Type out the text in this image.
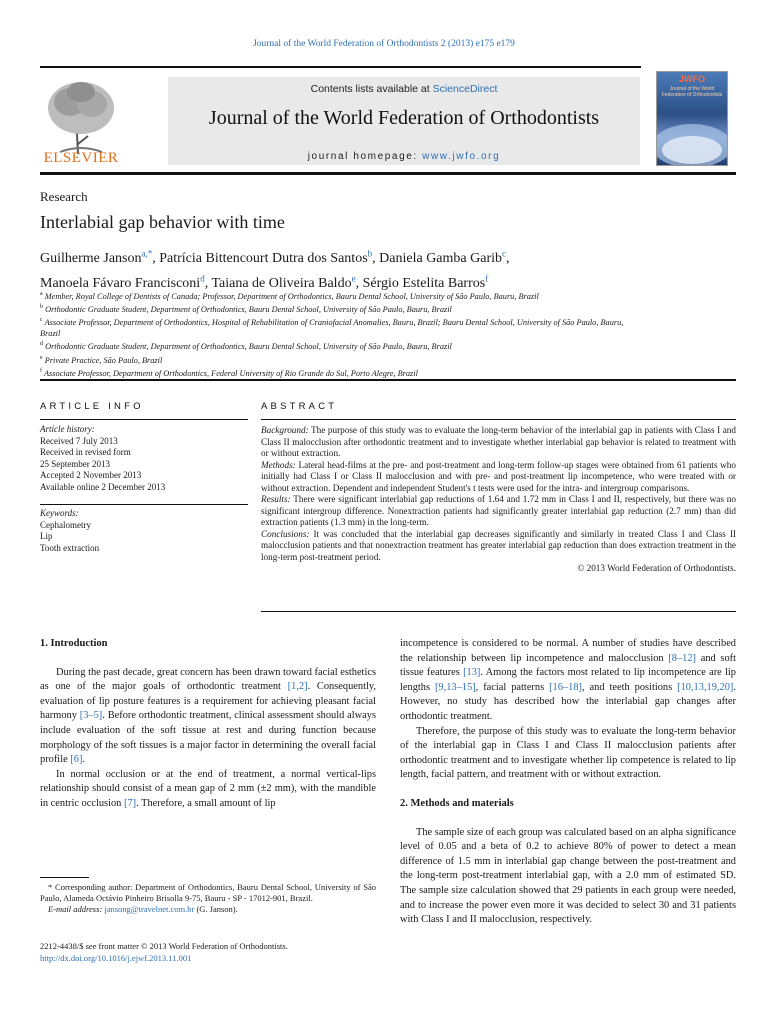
Journal of the World Federation of Orthodontists 2 (2013) e175 e179
ELSEVIER
Contents lists available at ScienceDirect
Journal of the World Federation of Orthodontists
journal homepage: www.jwfo.org
JWFO
Journal of the World Federation of Orthodontists
Research
Interlabial gap behavior with time
Guilherme Janson$^{a,*}$, Patrícia Bittencourt Dutra dos Santos$^b$, Daniela Gamba Garib$^c$,
Manoela Fávaro Francisconi$^d$, Taiana de Oliveira Baldo$^e$, Sérgio Estelita Barros$^f$
$^a$ Member, Royal College of Dentists of Canada; Professor, Department of Orthodontics, Bauru Dental School, University of São Paulo, Bauru, Brazil
$^b$ Orthodontic Graduate Student, Department of Orthodontics, Bauru Dental School, University of São Paulo, Bauru, Brazil
$^c$ Associate Professor, Department of Orthodontics, Hospital of Rehabilitation of Craniofacial Anomalies, Bauru, Brazil; Bauru Dental School, University of São Paulo, Bauru, Brazil
$^d$ Orthodontic Graduate Student, Department of Orthodontics, Bauru Dental School, University of São Paulo, Bauru, Brazil
$^e$ Private Practice, São Paulo, Brazil
$^f$ Associate Professor, Department of Orthodontics, Federal University of Rio Grande do Sul, Porto Alegre, Brazil
ARTICLE INFO	ABSTRACT
Article history:
Received 7 July 2013
Received in revised form
25 September 2013
Accepted 2 November 2013
Available online 2 December 2013
Keywords:
Cephalometry
Lip
Tooth extraction

Background: The purpose of this study was to evaluate the long-term behavior of the interlabial gap in patients with Class I and Class II malocclusion after orthodontic treatment and to investigate whether interlabial gap behavior is related to treatment with or without extraction.

Methods: Lateral head-films at the pre- and post-treatment and long-term follow-up stages were obtained from 61 patients who initially had Class I or Class II malocclusion and with pre- and post-treatment lip incompetence, who were treated with or without extraction. Dependent and independent Student's t tests were used for the intra- and intergroup comparisons.

Results: There were significant interlabial gap reductions of 1.64 and 1.72 mm in Class I and II, respectively, but there was no significant intergroup difference. Nonextraction patients had significantly greater interlabial gap reduction (2.7 mm) than did extraction patients (1.3 mm) in the long-term.

Conclusions: It was concluded that the interlabial gap decreases significantly and similarly in treated Class I and Class II malocclusion patients and that nonextraction treatment has greater interlabial gap reduction than does extraction treatment in the long-term post-treatment period.

© 2013 World Federation of Orthodontists.

1. Introduction

During the past decade, great concern has been drawn toward facial esthetics as one of the major goals of orthodontic treatment [1,2]. Consequently, evaluation of lip posture features is a requirement for achieving pleasant facial harmony [3–5]. Before orthodontic treatment, clinical assessment should always include evaluation of the soft tissue at rest and during function because morphology of the soft tissues is a major factor in determining the overall facial profile [6].

In normal occlusion or at the end of treatment, a normal vertical-lips relationship should consist of a mean gap of 2 mm (±2 mm), with the mandible in centric occlusion [7]. Therefore, a small amount of lip

* Corresponding author: Department of Orthodontics, Bauru Dental School, University of São Paulo, Alameda Octávio Pinheiro Brisolla 9-75, Bauru - SP - 17012-901, Brazil.

E-mail address: jansong@travelnet.com.br (G. Janson).

2212-4438/$ see front matter © 2013 World Federation of Orthodontists.
http://dx.doi.org/10.1016/j.ejwf.2013.11.001

incompetence is considered to be normal. A number of studies have described the relationship between lip incompetence and malocclusion [8–12] and soft tissue features [13]. Among the factors most related to lip incompetence are lip lengths [9,13–15], facial patterns [16–18], and teeth positions [10,13,19,20]. However, no study has described how the interlabial gap changes after orthodontic treatment.

Therefore, the purpose of this study was to evaluate the long-term behavior of the interlabial gap in Class I and Class II malocclusion patients after orthodontic treatment and to investigate whether lip competence is related to lip length, facial pattern, and treatment with or without extraction.

2. Methods and materials

The sample size of each group was calculated based on an alpha significance level of 0.05 and a beta of 0.2 to achieve 80% of power to detect a mean difference of 1.5 mm in interlabial gap change between the post-treatment and the long-term post-treatment interlabial gap, with a 2.0 mm of estimated SD. The sample size calculation showed that 29 patients in each group were needed, and to increase the power even more it was decided to select 30 and 31 patients with Class I and II malocclusion, respectively.
